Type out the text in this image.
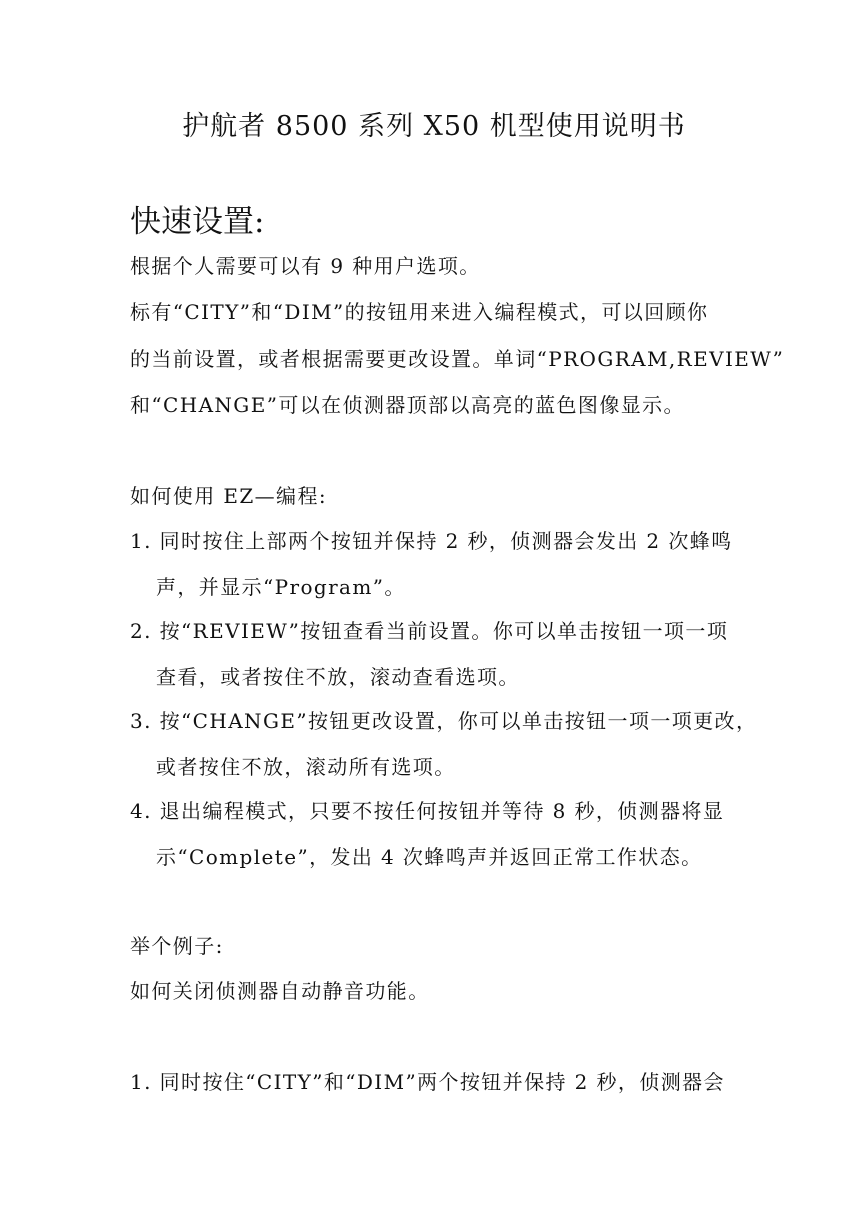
护航者 8500 系列 X50 机型使用说明书
快速设置:
根据个人需要可以有 9 种用户选项。
标有“CITY”和“DIM”的按钮用来进入编程模式，可以回顾你
的当前设置，或者根据需要更改设置。单词“PROGRAM,REVIEW”
和“CHANGE”可以在侦测器顶部以高亮的蓝色图像显示。
如何使用 EZ—编程:
1. 同时按住上部两个按钮并保持 2 秒，侦测器会发出 2 次蜂鸣
声，并显示“Program”。
2. 按“REVIEW”按钮查看当前设置。你可以单击按钮一项一项
查看，或者按住不放，滚动查看选项。
3. 按“CHANGE”按钮更改设置，你可以单击按钮一项一项更改，
或者按住不放，滚动所有选项。
4. 退出编程模式，只要不按任何按钮并等待 8 秒，侦测器将显
示“Complete”，发出 4 次蜂鸣声并返回正常工作状态。
举个例子:
如何关闭侦测器自动静音功能。
1. 同时按住“CITY”和“DIM”两个按钮并保持 2 秒，侦测器会
